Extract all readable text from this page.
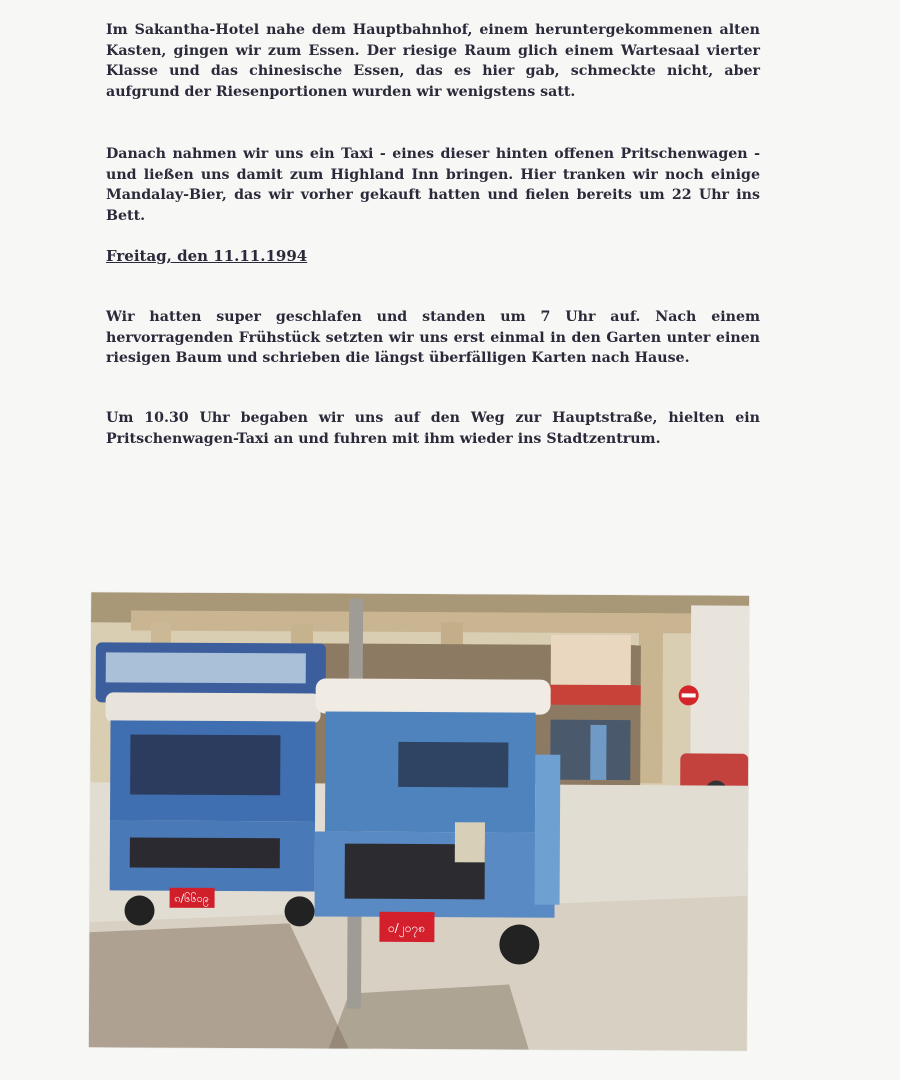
Im Sakantha-Hotel nahe dem Hauptbahnhof, einem heruntergekommenen alten Kasten, gingen wir zum Essen. Der riesige Raum glich einem Wartesaal vierter Klasse und das chinesische Essen, das es hier gab, schmeckte nicht, aber aufgrund der Riesenportionen wurden wir wenigstens satt.

Danach nahmen wir uns ein Taxi - eines dieser hinten offenen Pritschenwagen - und ließen uns damit zum Highland Inn bringen. Hier tranken wir noch einige Mandalay-Bier, das wir vorher gekauft hatten und fielen bereits um 22 Uhr ins Bett.

Freitag, den 11.11.1994

Wir hatten super geschlafen und standen um 7 Uhr auf. Nach einem hervorragenden Frühstück setzten wir uns erst einmal in den Garten unter einen riesigen Baum und schrieben die längst überfälligen Karten nach Hause.

Um 10.30 Uhr begaben wir uns auf den Weg zur Hauptstraße, hielten ein Pritschenwagen-Taxi an und fuhren mit ihm wieder ins Stadtzentrum.

ၵ/၆၆၀၉
ဝ/၂၀၇၈
